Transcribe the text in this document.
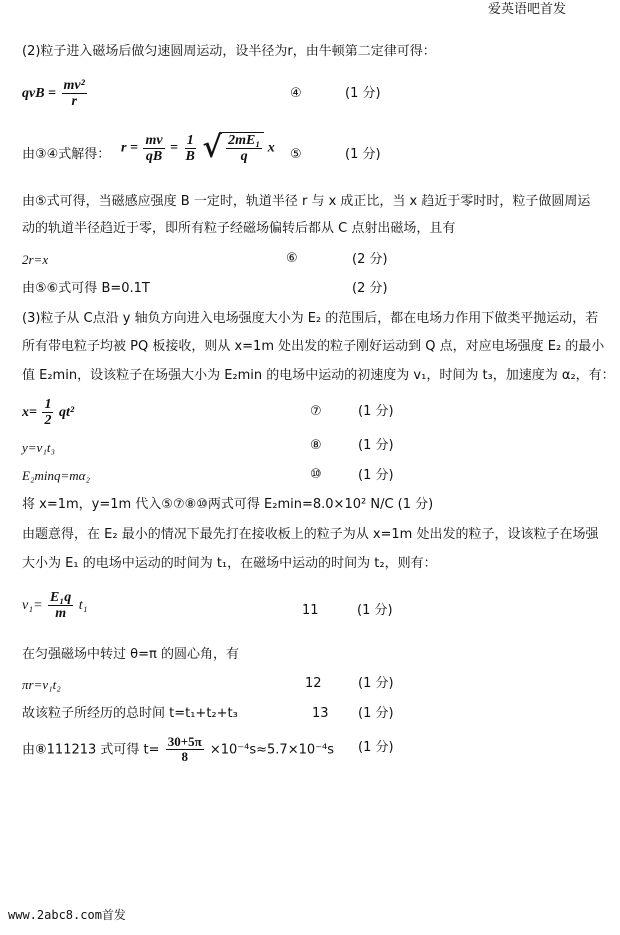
爱英语吧首发
(2)粒子进入磁场后做匀速圆周运动，设半径为r，由牛顿第二定律可得：
qvB = $\frac{\text{mv²}}{r}$	④	(1 分)
由③④式解得： $r = \frac{mv}{qB} = \frac{1}{B}$
√ $\frac{\text{2mE₁}}{q}$ x ⑤	(1 分)
由⑤式可得，当磁感应强度 B 一定时，轨道半径 r 与 x 成正比，当 x 趋近于零时时，粒子做圆周运
动的轨道半径趋近于零，即所有粒子经磁场偏转后都从 C 点射出磁场，且有
2r=x	⑥	(2 分)
由⑤⑥式可得 B=0.1T	(2 分)
(3)粒子从 C点沿 y 轴负方向进入电场强度大小为 E₂ 的范围后，都在电场力作用下做类平抛运动，若
所有带电粒子均被 PQ 板接收，则从 x=1m 处出发的粒子刚好运动到 Q 点，对应电场强度 E₂ 的最小
值 E₂min，设该粒子在场强大小为 E₂min 的电场中运动的初速度为 v₁，时间为 t₃，加速度为 α₂，有：
$x= \frac{1}{2} qt^2$	⑦	(1 分)
y=v₁t₃	⑧	(1 分)
E₂minq=mα₂	⑩	(1 分)
将 x=1m，y=1m 代入⑤⑦⑧⑩两式可得 E₂min=8.0×10² N/C (1 分)
由题意得，在 E₂ 最小的情况下最先打在接收板上的粒子为从 x=1m 处出发的粒子，设该粒子在场强
大小为 E₁ 的电场中运动的时间为 t₁，在磁场中运动的时间为 t₂，则有：
$v_1= \frac{\text{E₁q}}{m} t_1$	11	(1 分)
在匀强磁场中转过 θ=π 的圆心角，有
πr=v₁t₂	12	(1 分)
故该粒子所经历的总时间 t=t₁+t₂+t₃	13 (1 分)
由⑧111213 式可得 $t= \frac{30+5\pi}{8} \times 10^{-4}s\approx 5.7\times 10^{-4}s$ (1 分)
www.2abc8.com首发
